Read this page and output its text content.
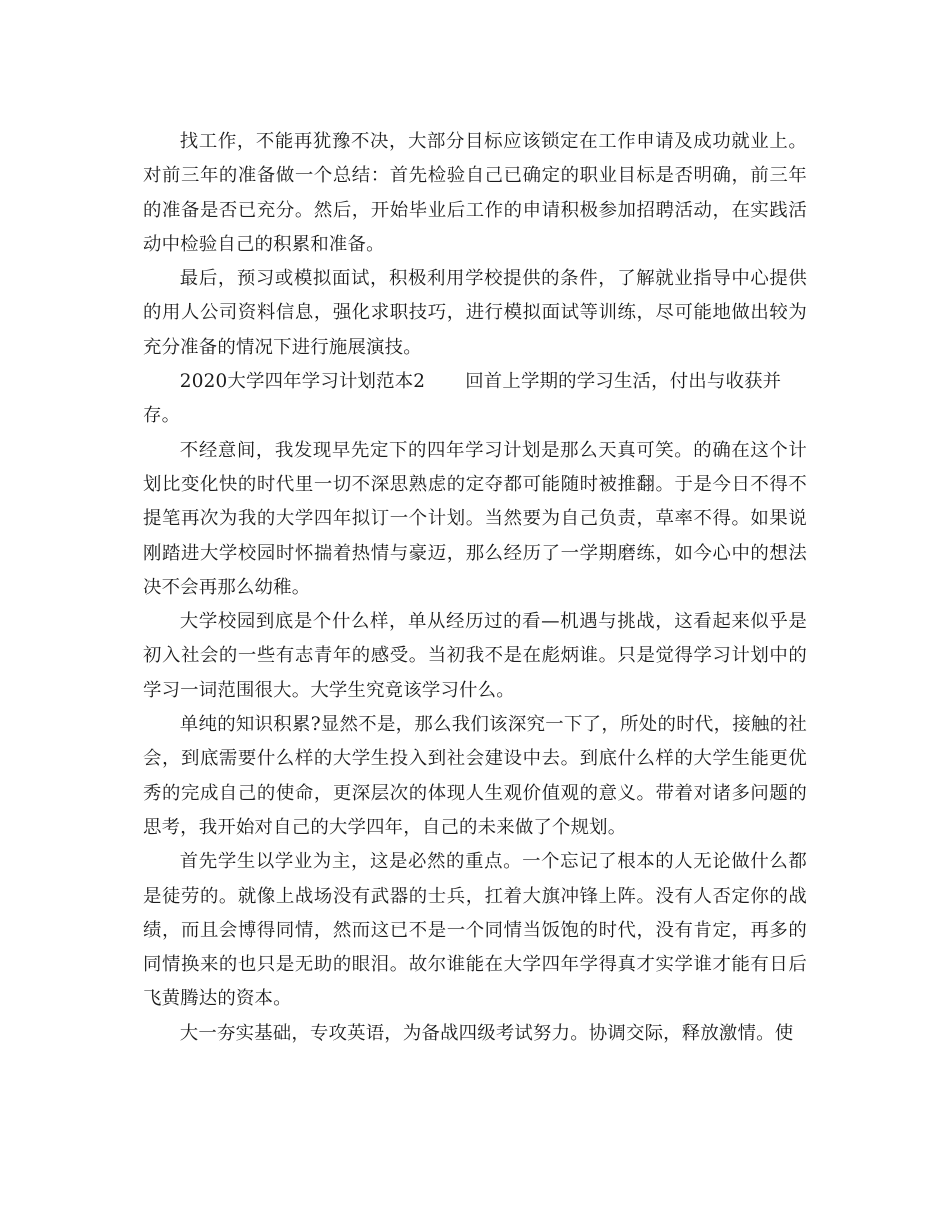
找工作，不能再犹豫不决，大部分目标应该锁定在工作申请及成功就业上。对前三年的准备做一个总结：首先检验自己已确定的职业目标是否明确，前三年的准备是否已充分。然后，开始毕业后工作的申请积极参加招聘活动，在实践活动中检验自己的积累和准备。

最后，预习或模拟面试，积极利用学校提供的条件，了解就业指导中心提供的用人公司资料信息，强化求职技巧，进行模拟面试等训练，尽可能地做出较为充分准备的情况下进行施展演技。

2020大学四年学习计划范本2 回首上学期的学习生活，付出与收获并存。

不经意间，我发现早先定下的四年学习计划是那么天真可笑。的确在这个计划比变化快的时代里一切不深思熟虑的定夺都可能随时被推翻。于是今日不得不提笔再次为我的大学四年拟订一个计划。当然要为自己负责，草率不得。如果说刚踏进大学校园时怀揣着热情与豪迈，那么经历了一学期磨练，如今心中的想法决不会再那么幼稚。

大学校园到底是个什么样，单从经历过的看—机遇与挑战，这看起来似乎是初入社会的一些有志青年的感受。当初我不是在彪炳谁。只是觉得学习计划中的学习一词范围很大。大学生究竟该学习什么。

单纯的知识积累?显然不是，那么我们该深究一下了，所处的时代，接触的社会，到底需要什么样的大学生投入到社会建设中去。到底什么样的大学生能更优秀的完成自己的使命，更深层次的体现人生观价值观的意义。带着对诸多问题的思考，我开始对自己的大学四年，自己的未来做了个规划。

首先学生以学业为主，这是必然的重点。一个忘记了根本的人无论做什么都是徒劳的。就像上战场没有武器的士兵，扛着大旗冲锋上阵。没有人否定你的战绩，而且会博得同情，然而这已不是一个同情当饭饱的时代，没有肯定，再多的同情换来的也只是无助的眼泪。故尔谁能在大学四年学得真才实学谁才能有日后飞黄腾达的资本。

大一夯实基础，专攻英语，为备战四级考试努力。协调交际，释放激情。使
